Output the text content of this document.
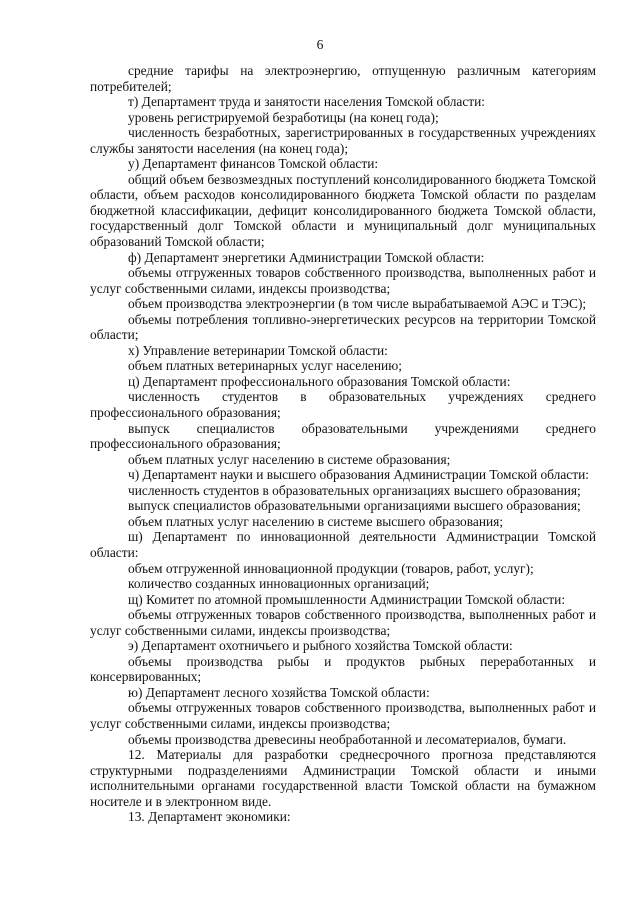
6

средние тарифы на электроэнергию, отпущенную различным категориям потребителей;

т) Департамент труда и занятости населения Томской области:

уровень регистрируемой безработицы (на конец года);

численность безработных, зарегистрированных в государственных учреждениях службы занятости населения (на конец года);

у) Департамент финансов Томской области:

общий объем безвозмездных поступлений консолидированного бюджета Томской области, объем расходов консолидированного бюджета Томской области по разделам бюджетной классификации, дефицит консолидированного бюджета Томской области, государственный долг Томской области и муниципальный долг муниципальных образований Томской области;

ф) Департамент энергетики Администрации Томской области:

объемы отгруженных товаров собственного производства, выполненных работ и услуг собственными силами, индексы производства;

объем производства электроэнергии (в том числе вырабатываемой АЭС и ТЭС);

объемы потребления топливно-энергетических ресурсов на территории Томской области;

х) Управление ветеринарии Томской области:

объем платных ветеринарных услуг населению;

ц) Департамент профессионального образования Томской области:

численность студентов в образовательных учреждениях среднего профессионального образования;

выпуск специалистов образовательными учреждениями среднего профессионального образования;

объем платных услуг населению в системе образования;

ч) Департамент науки и высшего образования Администрации Томской области:

численность студентов в образовательных организациях высшего образования;

выпуск специалистов образовательными организациями высшего образования;

объем платных услуг населению в системе высшего образования;

ш) Департамент по инновационной деятельности Администрации Томской области:

объем отгруженной инновационной продукции (товаров, работ, услуг);

количество созданных инновационных организаций;

щ) Комитет по атомной промышленности Администрации Томской области:

объемы отгруженных товаров собственного производства, выполненных работ и услуг собственными силами, индексы производства;

э) Департамент охотничьего и рыбного хозяйства Томской области:

объемы производства рыбы и продуктов рыбных переработанных и консервированных;

ю) Департамент лесного хозяйства Томской области:

объемы отгруженных товаров собственного производства, выполненных работ и услуг собственными силами, индексы производства;

объемы производства древесины необработанной и лесоматериалов, бумаги.

12. Материалы для разработки среднесрочного прогноза представляются структурными подразделениями Администрации Томской области и иными исполнительными органами государственной власти Томской области на бумажном носителе и в электронном виде.

13. Департамент экономики:
